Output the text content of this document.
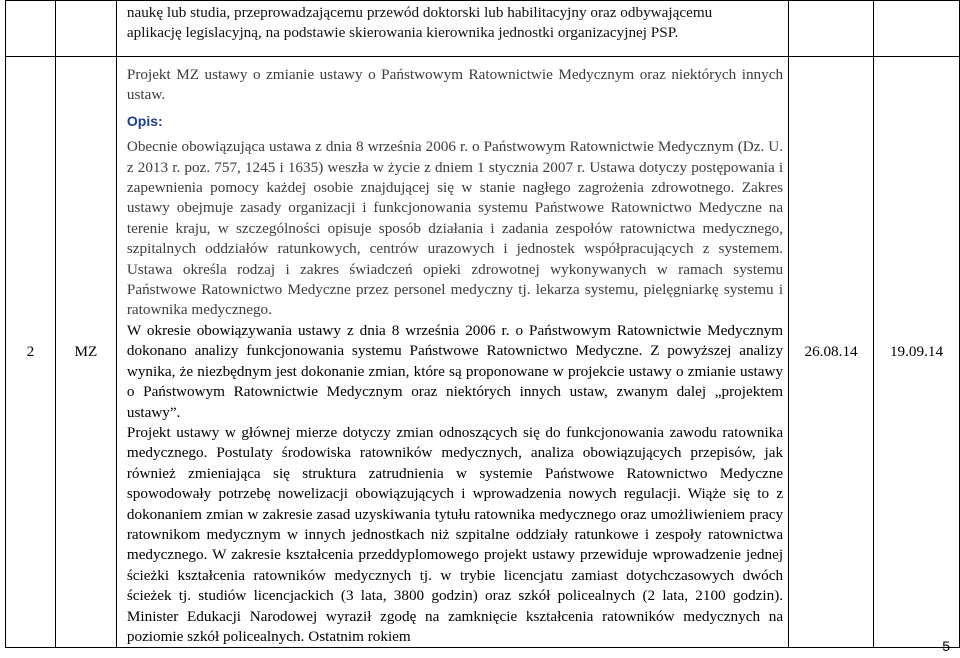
		naukę lub studia, przeprowadzającemu przewód doktorski lub habilitacyjny oraz odbywającemu

aplikację legislacyjną, na podstawie skierowania kierownika jednostki organizacyjnej PSP.		

2	MZ	Projekt MZ ustawy o zmianie ustawy o Państwowym Ratownictwie Medycznym oraz niektórych innych ustaw.

Opis:

Obecnie obowiązująca ustawa z dnia 8 września 2006 r. o Państwowym Ratownictwie Medycznym (Dz. U. z 2013 r. poz. 757, 1245 i 1635) weszła w życie z dniem 1 stycznia 2007 r. Ustawa dotyczy postępowania i zapewnienia pomocy każdej osobie znajdującej się w stanie nagłego zagrożenia zdrowotnego. Zakres ustawy obejmuje zasady organizacji i funkcjonowania systemu Państwowe Ratownictwo Medyczne na terenie kraju, w szczególności opisuje sposób działania i zadania zespołów ratownictwa medycznego, szpitalnych oddziałów ratunkowych, centrów urazowych i jednostek współpracujących z systemem. Ustawa określa rodzaj i zakres świadczeń opieki zdrowotnej wykonywanych w ramach systemu Państwowe Ratownictwo Medyczne przez personel medyczny tj. lekarza systemu, pielęgniarkę systemu i ratownika medycznego.

W okresie obowiązywania ustawy z dnia 8 września 2006 r. o Państwowym Ratownictwie Medycznym dokonano analizy funkcjonowania systemu Państwowe Ratownictwo Medyczne. Z powyższej analizy wynika, że niezbędnym jest dokonanie zmian, które są proponowane w projekcie ustawy o zmianie ustawy o Państwowym Ratownictwie Medycznym oraz niektórych innych ustaw, zwanym dalej „projektem ustawy”.

Projekt ustawy w głównej mierze dotyczy zmian odnoszących się do funkcjonowania zawodu ratownika medycznego. Postulaty środowiska ratowników medycznych, analiza obowiązujących przepisów, jak również zmieniająca się struktura zatrudnienia w systemie Państwowe Ratownictwo Medyczne spowodowały potrzebę nowelizacji obowiązujących i wprowadzenia nowych regulacji. Wiąże się to z dokonaniem zmian w zakresie zasad uzyskiwania tytułu ratownika medycznego oraz umożliwieniem pracy ratownikom medycznym w innych jednostkach niż szpitalne oddziały ratunkowe i zespoły ratownictwa medycznego. W zakresie kształcenia przeddyplomowego projekt ustawy przewiduje wprowadzenie jednej ścieżki kształcenia ratowników medycznych tj. w trybie licencjatu zamiast dotychczasowych dwóch ścieżek tj. studiów licencjackich (3 lata, 3800 godzin) oraz szkół policealnych (2 lata, 2100 godzin). Minister Edukacji Narodowej wyraził zgodę na zamknięcie kształcenia ratowników medycznych na poziomie szkół policealnych. Ostatnim rokiem	26.08.14	19.09.14
5
